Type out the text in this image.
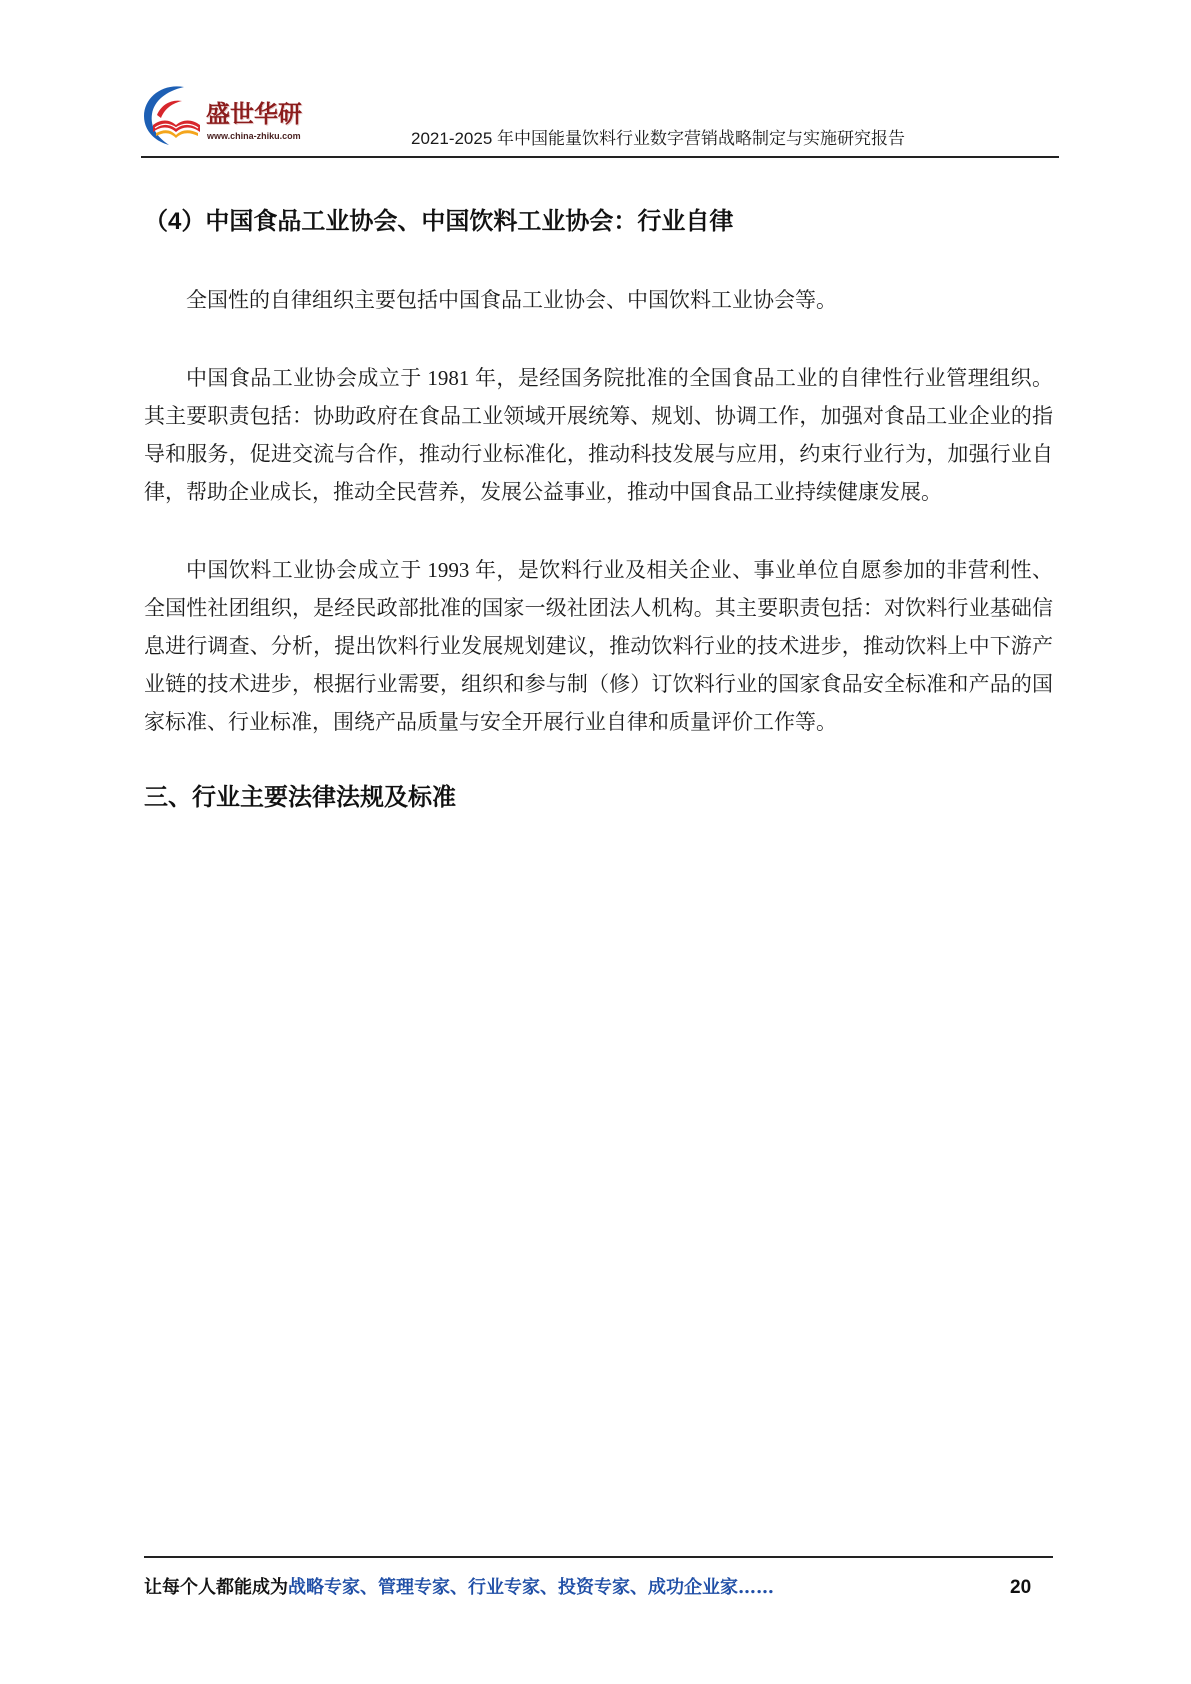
盛世华研
www.china-zhiku.com	2021-2025 年中国能量饮料行业数字营销战略制定与实施研究报告
（4）中国食品工业协会、中国饮料工业协会：行业自律
全国性的自律组织主要包括中国食品工业协会、中国饮料工业协会等。
中国食品工业协会成立于 1981 年，是经国务院批准的全国食品工业的自律性行业管理组织。
其主要职责包括：协助政府在食品工业领域开展统筹、规划、协调工作，加强对食品工业企业的指
导和服务，促进交流与合作，推动行业标准化，推动科技发展与应用，约束行业行为，加强行业自
律，帮助企业成长，推动全民营养，发展公益事业，推动中国食品工业持续健康发展。
中国饮料工业协会成立于 1993 年，是饮料行业及相关企业、事业单位自愿参加的非营利性、
全国性社团组织，是经民政部批准的国家一级社团法人机构。其主要职责包括：对饮料行业基础信
息进行调查、分析，提出饮料行业发展规划建议，推动饮料行业的技术进步，推动饮料上中下游产
业链的技术进步，根据行业需要，组织和参与制（修）订饮料行业的国家食品安全标准和产品的国
家标准、行业标准，围绕产品质量与安全开展行业自律和质量评价工作等。
三、行业主要法律法规及标准
让每个人都能成为战略专家、管理专家、行业专家、投资专家、成功企业家……	20
